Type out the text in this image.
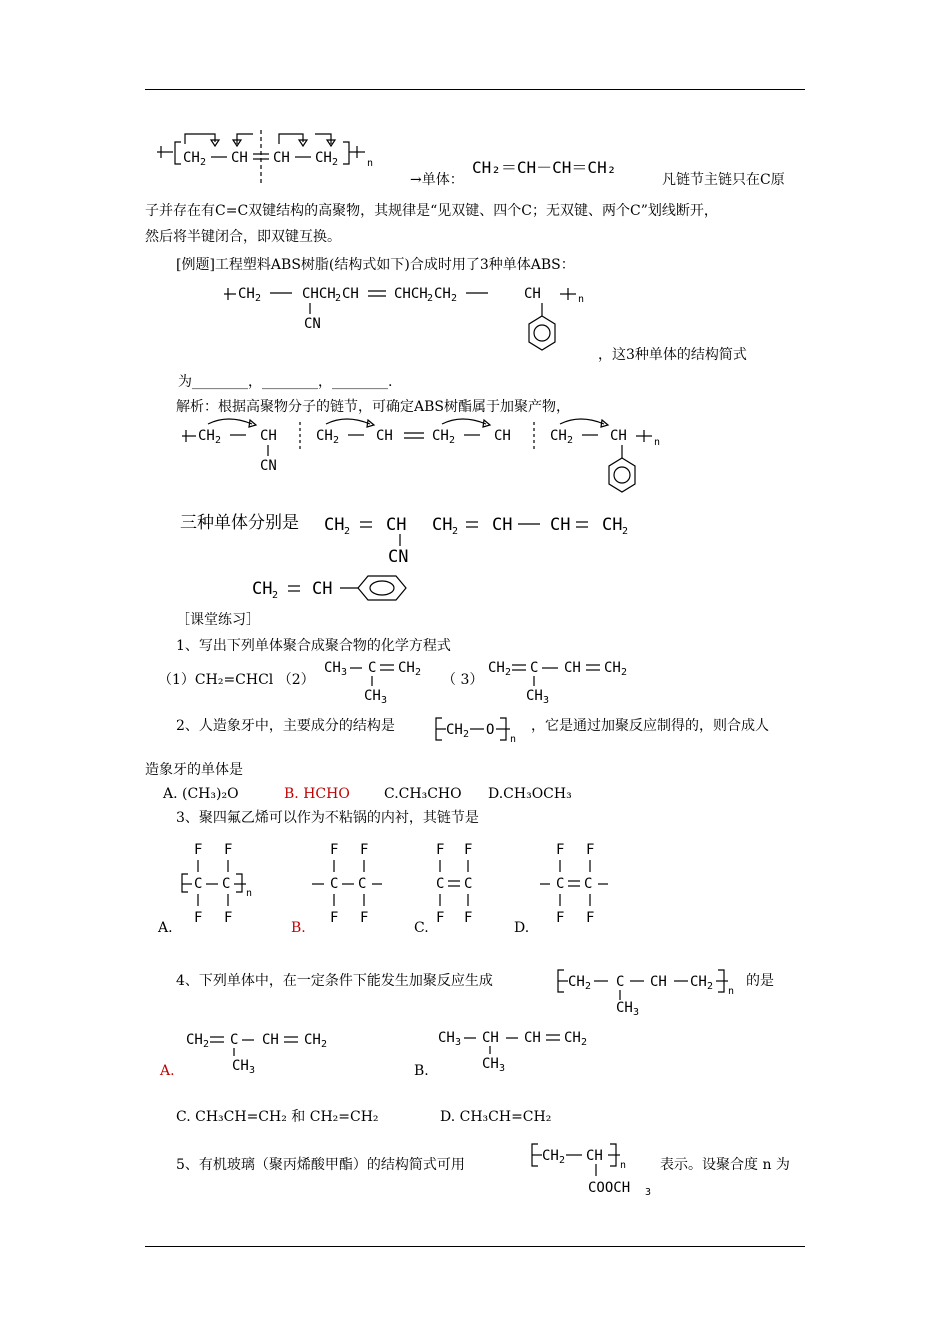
CH 2 CH CH CH 2	n
→单体：
CH₂＝CH－CH＝CH₂
凡链节主链只在C原
子并存在有C=C双键结构的高聚物，其规律是“见双键、四个C；无双键、两个C”划线断开，
然后将半键闭合，即双键互换。
[例题]工程塑料ABS树脂(结构式如下)合成时用了3种单体ABS：
CH 2	CHCH 2 CH	CHCH 2 CH 2	CH	n
CN
，这3种单体的结构简式
为________，________，________.
解析：根据高聚物分子的链节，可确定ABS树酯属于加聚产物，
CH 2	CH	CH 2	CH	CH 2	CH	CH 2	CH	n
CN
三种单体分别是 CH 2 CH
CN
CH 2 CH CH CH 2
CH 2 CH
［课堂练习］
1、写出下列单体聚合成聚合物的化学方程式
（1）CH₂=CHCl （2）
CH 3 C CH 2
CH 3
（ 3）
CH 2 C CH CH 2
CH 3
2、人造象牙中，主要成分的结构是	CH 2 O
n
，它是通过加聚反应制得的，则合成人
造象牙的单体是
A. (CH₃)₂O	B. HCHO C.CH₃CHO D.CH₃OCH₃
3、聚四氟乙烯可以作为不粘锅的内衬，其链节是
F F
C C
n
F F
A.
F F
C C
F F
B.
F F
C C
F F
C.
F F
C C
F F
D.
4、下列单体中，在一定条件下能发生加聚反应生成	CH 2 C CH CH 2 n
CH 3
的是
CH 2 C CH CH 2
CH 3
A.
CH 3 CH CH CH 2
CH 3
B.
C. CH₃CH=CH₂ 和 CH₂=CH₂	D. CH₃CH=CH₂
5、有机玻璃（聚丙烯酸甲酯）的结构简式可用
CH 2 CH
n
COOCH 3
表示。设聚合度 n 为
